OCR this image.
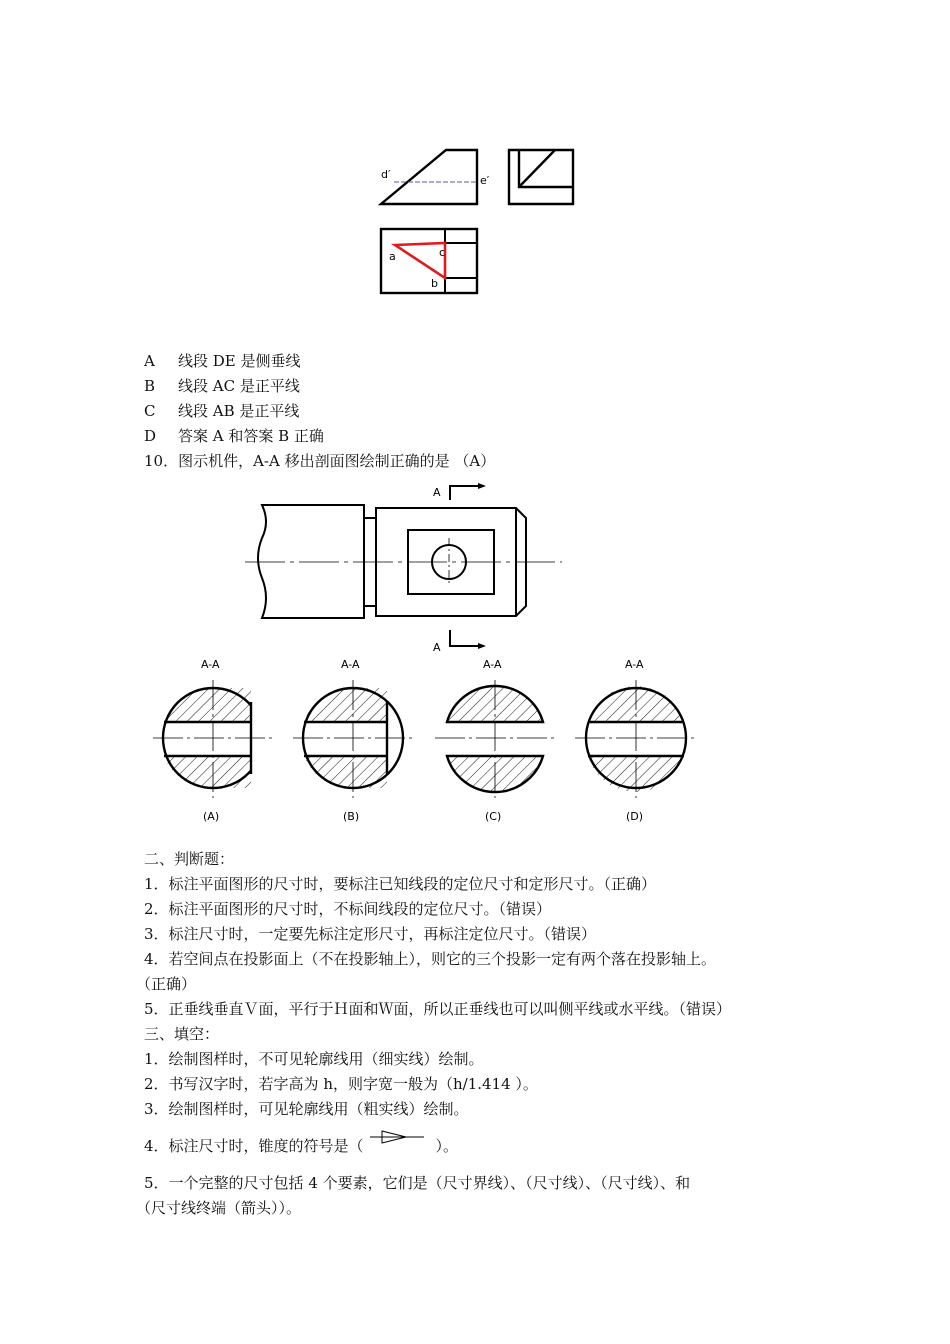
d′	e′
a	c
b
A 线段 DE 是侧垂线
B 线段 AC 是正平线
C 线段 AB 是正平线
D 答案 A 和答案 B 正确
10．图示机件，A-A 移出剖面图绘制正确的是 （A）
A
A
A-A	A-A	A-A	A-A
(A)	(B)	(C)	(D)
二、判断题：
1．标注平面图形的尺寸时，要标注已知线段的定位尺寸和定形尺寸。（正确）
2．标注平面图形的尺寸时，不标间线段的定位尺寸。（错误）
3．标注尺寸时，一定要先标注定形尺寸，再标注定位尺寸。（错误）
4．若空间点在投影面上（不在投影轴上），则它的三个投影一定有两个落在投影轴上。
（正确）
5．正垂线垂直Ｖ面，平行于Ｈ面和Ｗ面，所以正垂线也可以叫侧平线或水平线。（错误）
三、填空：
1．绘制图样时，不可见轮廓线用（细实线）绘制。
2．书写汉字时，若字高为 h，则字宽一般为（h/1.414 ）。
3．绘制图样时，可见轮廓线用（粗实线）绘制。
4．标注尺寸时，锥度的符号是（	）。
5．一个完整的尺寸包括 4 个要素，它们是（尺寸界线）、（尺寸线）、（尺寸线）、和
（尺寸线终端（箭头））。
